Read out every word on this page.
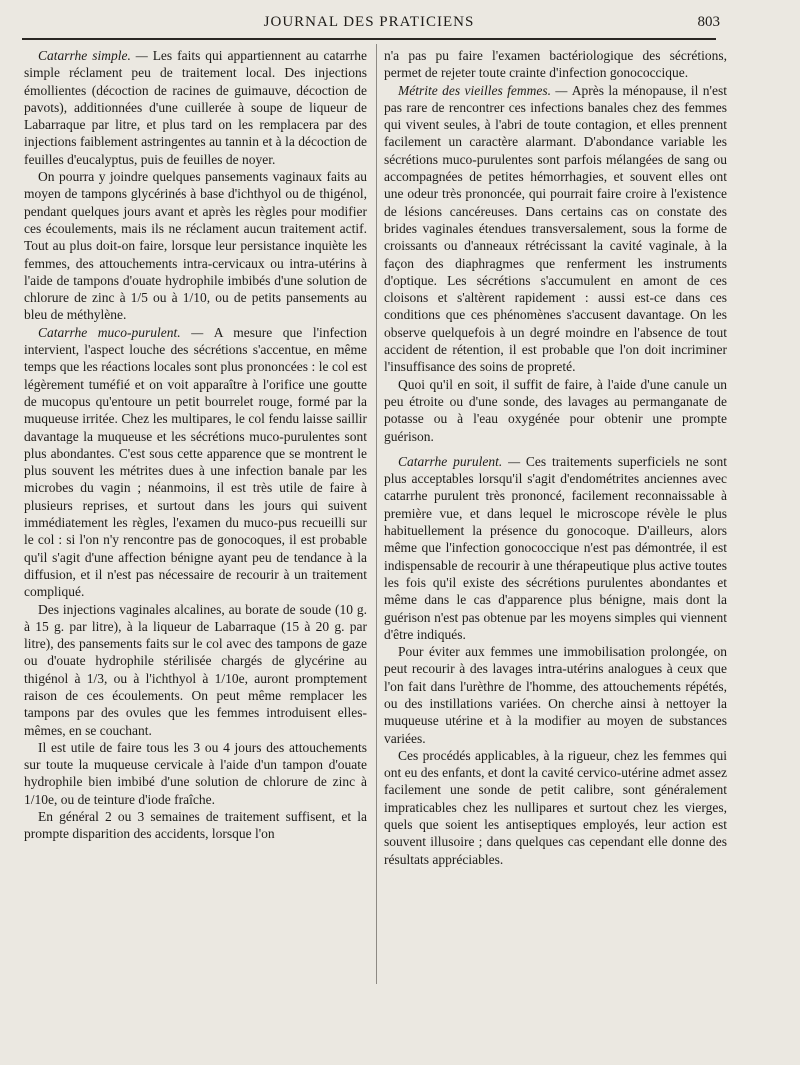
JOURNAL DES PRATICIENS	803

Catarrhe simple. — Les faits qui appartiennent au catarrhe simple réclament peu de traitement local. Des injections émollientes (décoction de racines de guimauve, décoction de pavots), additionnées d'une cuillerée à soupe de liqueur de Labarraque par litre, et plus tard on les remplacera par des injections faiblement astringentes au tannin et à la décoction de feuilles d'eucalyptus, puis de feuilles de noyer.

On pourra y joindre quelques pansements vaginaux faits au moyen de tampons glycérinés à base d'ichthyol ou de thigénol, pendant quelques jours avant et après les règles pour modifier ces écoulements, mais ils ne réclament aucun traitement actif. Tout au plus doit-on faire, lorsque leur persistance inquiète les femmes, des attouchements intra-cervicaux ou intra-utérins à l'aide de tampons d'ouate hydrophile imbibés d'une solution de chlorure de zinc à 1/5 ou à 1/10, ou de petits pansements au bleu de méthylène.

Catarrhe muco-purulent. — A mesure que l'infection intervient, l'aspect louche des sécrétions s'accentue, en même temps que les réactions locales sont plus prononcées : le col est légèrement tuméfié et on voit apparaître à l'orifice une goutte de mucopus qu'entoure un petit bourrelet rouge, formé par la muqueuse irritée. Chez les multipares, le col fendu laisse saillir davantage la muqueuse et les sécrétions muco-purulentes sont plus abondantes. C'est sous cette apparence que se montrent le plus souvent les métrites dues à une infection banale par les microbes du vagin ; néanmoins, il est très utile de faire à plusieurs reprises, et surtout dans les jours qui suivent immédiatement les règles, l'examen du muco-pus recueilli sur le col : si l'on n'y rencontre pas de gonocoques, il est probable qu'il s'agit d'une affection bénigne ayant peu de tendance à la diffusion, et il n'est pas nécessaire de recourir à un traitement compliqué.

Des injections vaginales alcalines, au borate de soude (10 g. à 15 g. par litre), à la liqueur de Labarraque (15 à 20 g. par litre), des pansements faits sur le col avec des tampons de gaze ou d'ouate hydrophile stérilisée chargés de glycérine au thigénol à 1/3, ou à l'ichthyol à 1/10e, auront promptement raison de ces écoulements. On peut même remplacer les tampons par des ovules que les femmes introduisent elles-mêmes, en se couchant.

Il est utile de faire tous les 3 ou 4 jours des attouchements sur toute la muqueuse cervicale à l'aide d'un tampon d'ouate hydrophile bien imbibé d'une solution de chlorure de zinc à 1/10e, ou de teinture d'iode fraîche.

En général 2 ou 3 semaines de traitement suffisent, et la prompte disparition des accidents, lorsque l'on

n'a pas pu faire l'examen bactériologique des sécrétions, permet de rejeter toute crainte d'infection gonococcique.

Métrite des vieilles femmes. — Après la ménopause, il n'est pas rare de rencontrer ces infections banales chez des femmes qui vivent seules, à l'abri de toute contagion, et elles prennent facilement un caractère alarmant. D'abondance variable les sécrétions muco-purulentes sont parfois mélangées de sang ou accompagnées de petites hémorrhagies, et souvent elles ont une odeur très prononcée, qui pourrait faire croire à l'existence de lésions cancéreuses. Dans certains cas on constate des brides vaginales étendues transversalement, sous la forme de croissants ou d'anneaux rétrécissant la cavité vaginale, à la façon des diaphragmes que renferment les instruments d'optique. Les sécrétions s'accumulent en amont de ces cloisons et s'altèrent rapidement : aussi est-ce dans ces conditions que ces phénomènes s'accusent davantage. On les observe quelquefois à un degré moindre en l'absence de tout accident de rétention, il est probable que l'on doit incriminer l'insuffisance des soins de propreté.

Quoi qu'il en soit, il suffit de faire, à l'aide d'une canule un peu étroite ou d'une sonde, des lavages au permanganate de potasse ou à l'eau oxygénée pour obtenir une prompte guérison.

Catarrhe purulent. — Ces traitements superficiels ne sont plus acceptables lorsqu'il s'agit d'endométrites anciennes avec catarrhe purulent très prononcé, facilement reconnaissable à première vue, et dans lequel le microscope révèle le plus habituellement la présence du gonocoque. D'ailleurs, alors même que l'infection gonococcique n'est pas démontrée, il est indispensable de recourir à une thérapeutique plus active toutes les fois qu'il existe des sécrétions purulentes abondantes et même dans le cas d'apparence plus bénigne, mais dont la guérison n'est pas obtenue par les moyens simples qui viennent d'être indiqués.

Pour éviter aux femmes une immobilisation prolongée, on peut recourir à des lavages intra-utérins analogues à ceux que l'on fait dans l'urèthre de l'homme, des attouchements répétés, ou des instillations variées. On cherche ainsi à nettoyer la muqueuse utérine et à la modifier au moyen de substances variées.

Ces procédés applicables, à la rigueur, chez les femmes qui ont eu des enfants, et dont la cavité cervico-utérine admet assez facilement une sonde de petit calibre, sont généralement impraticables chez les nullipares et surtout chez les vierges, quels que soient les antiseptiques employés, leur action est souvent illusoire ; dans quelques cas cependant elle donne des résultats appréciables.
